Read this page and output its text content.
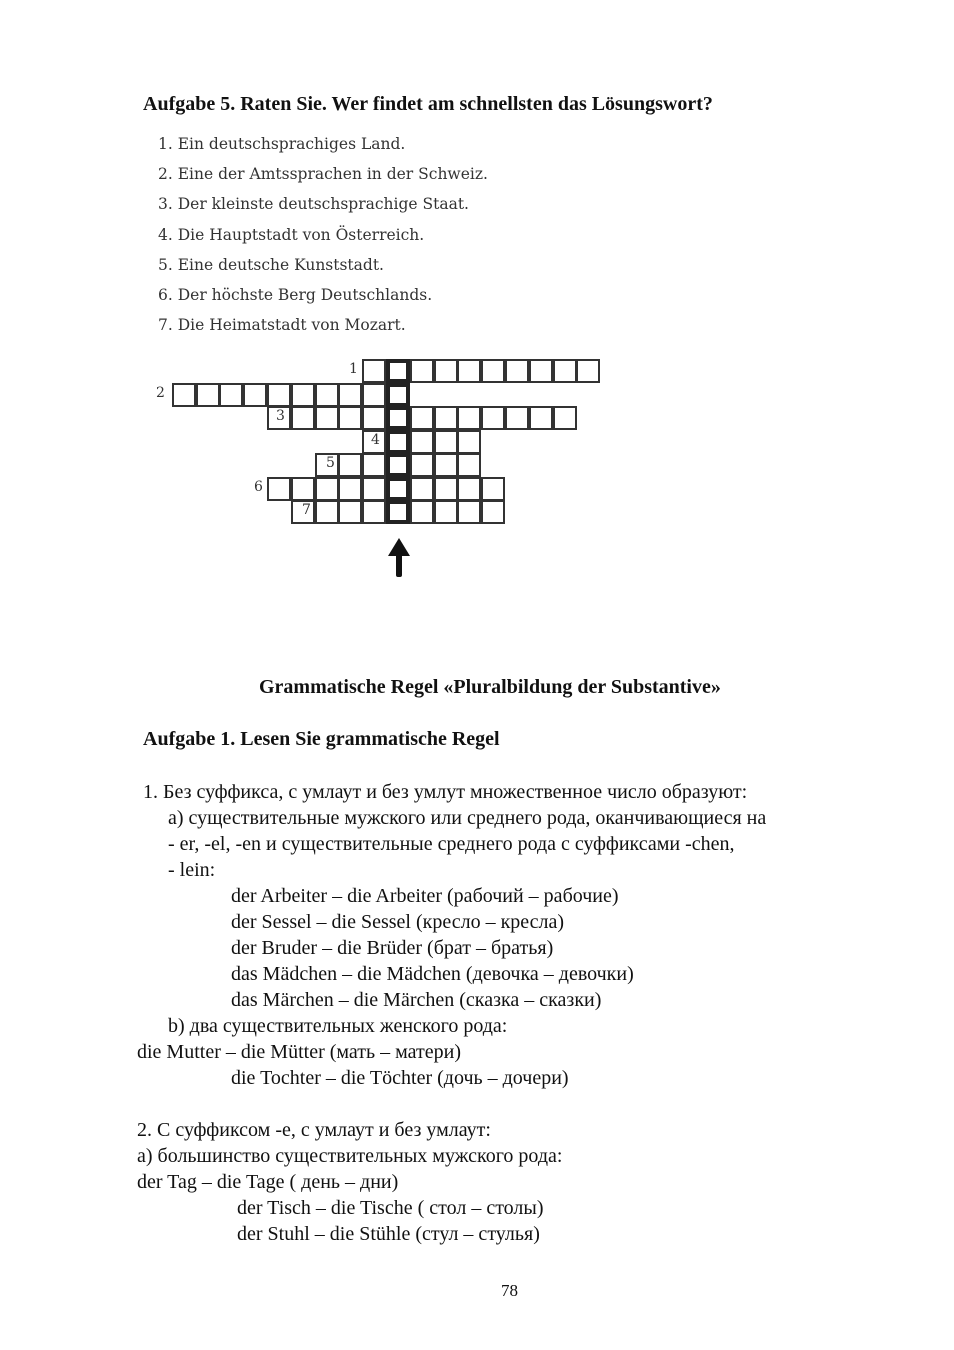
Aufgabe 5. Raten Sie. Wer findet am schnellsten das Lösungswort?
1. Ein deutschsprachiges Land.
2. Eine der Amtssprachen in der Schweiz.
3. Der kleinste deutschsprachige Staat.
4. Die Hauptstadt von Österreich.
5. Eine deutsche Kunststadt.
6. Der höchste Berg Deutschlands.
7. Die Heimatstadt von Mozart.
1
2
3
4
5
6
7
Grammatische Regel «Pluralbildung der Substantive»
Aufgabe 1. Lesen Sie grammatische Regel
1. Без суффикса, с умлаут и без умлут множественное число образуют:
а) существительные мужского или среднего рода, оканчивающиеся на
- er, -el, -en и существительные среднего рода с суффиксами -chen,
- lein:
der Arbeiter – die Arbeiter (рабочий – рабочие)
der Sessel – die Sessel (кресло – кресла)
der Bruder – die Brüder (брат – братья)
das Mädchen – die Mädchen (девочка – девочки)
das Märchen – die Märchen (сказка – сказки)
b) два существительных женского рода:
die Mutter – die Mütter (мать – матери)
die Tochter – die Töchter (дочь – дочери)
2. С суффиксом -е, с умлаут и без умлаут:
а) большинство существительных мужского рода:
der Tag – die Tage ( день – дни)
der Tisch – die Tische ( стол – столы)
der Stuhl – die Stühle (стул – стулья)
78
